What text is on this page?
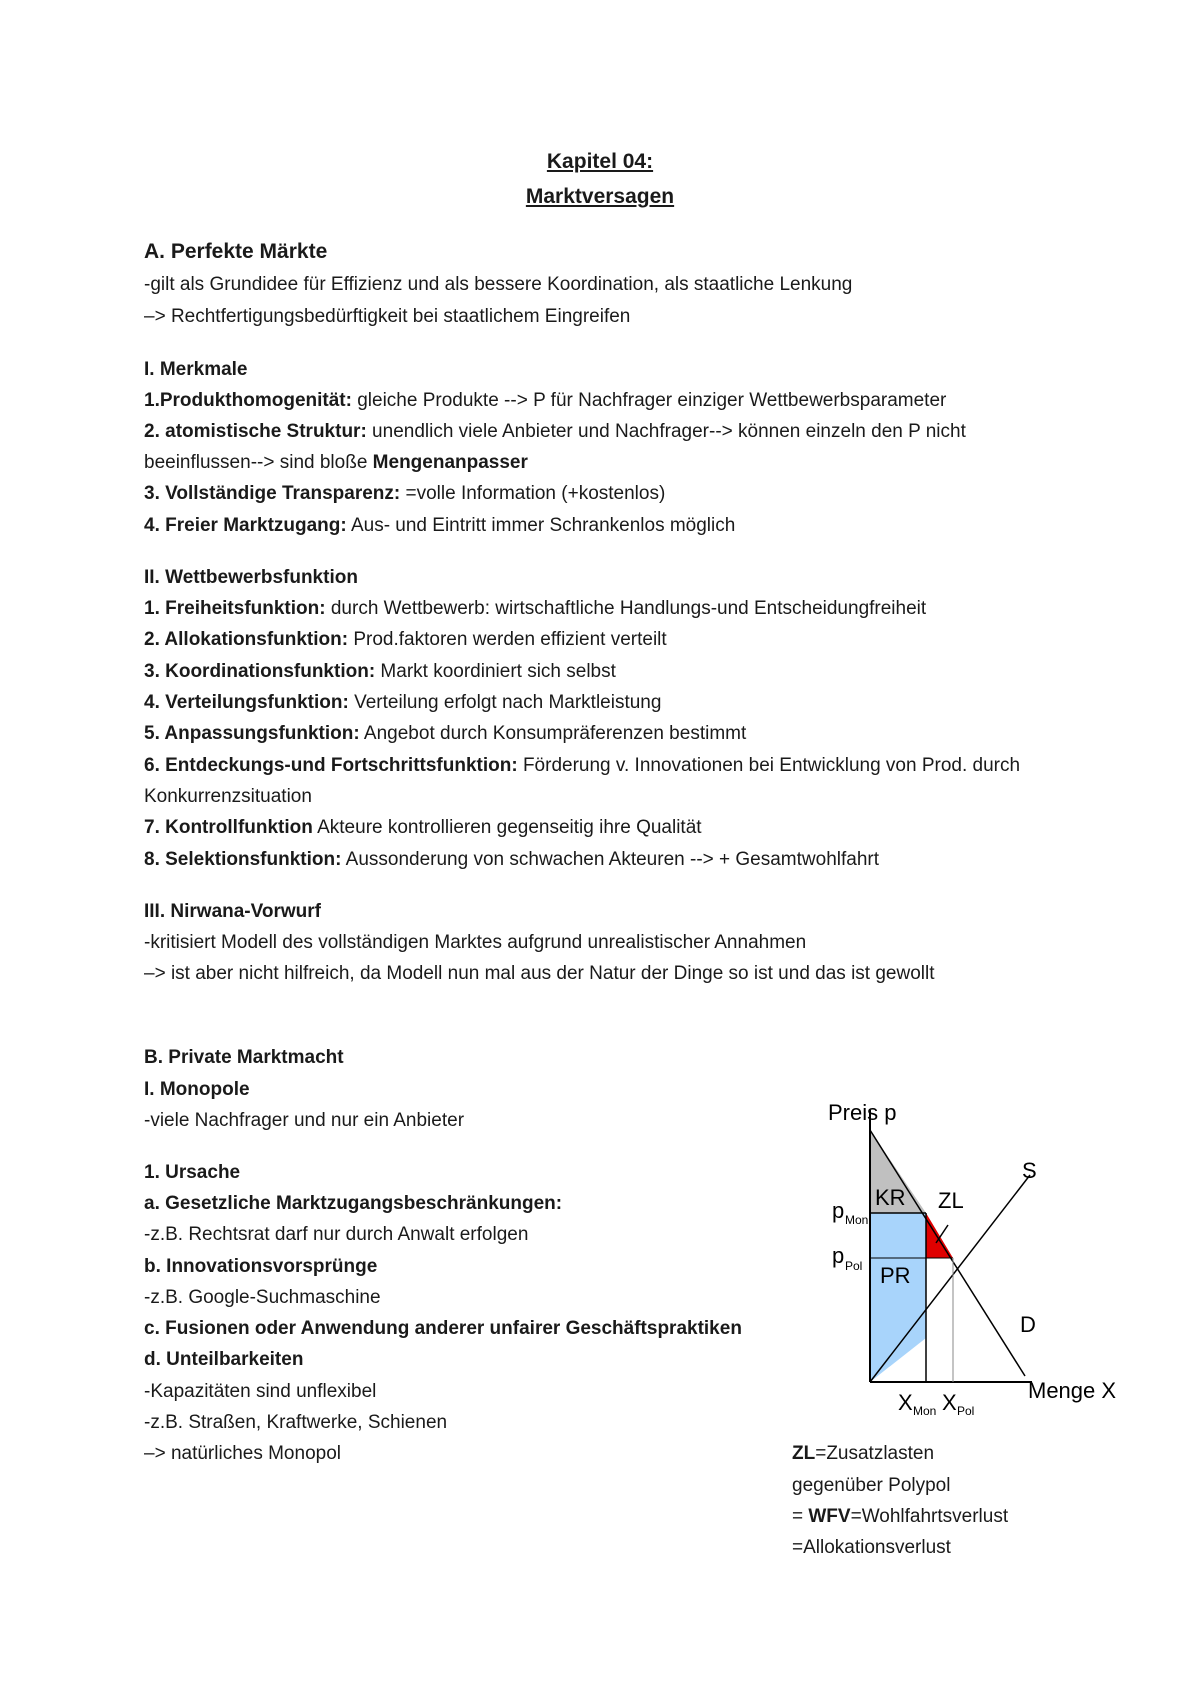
Kapitel 04:
Marktversagen
A. Perfekte Märkte
-gilt als Grundidee für Effizienz und als bessere Koordination, als staatliche Lenkung
–> Rechtfertigungsbedürftigkeit bei staatlichem Eingreifen
I. Merkmale
1.Produkthomogenität: gleiche Produkte --> P für Nachfrager einziger Wettbewerbsparameter
2. atomistische Struktur: unendlich viele Anbieter und Nachfrager--> können einzeln den P nicht
beeinflussen--> sind bloße Mengenanpasser
3. Vollständige Transparenz: =volle Information (+kostenlos)
4. Freier Marktzugang: Aus- und Eintritt immer Schrankenlos möglich
II. Wettbewerbsfunktion
1. Freiheitsfunktion: durch Wettbewerb: wirtschaftliche Handlungs-und Entscheidungfreiheit
2. Allokationsfunktion: Prod.faktoren werden effizient verteilt
3. Koordinationsfunktion: Markt koordiniert sich selbst
4. Verteilungsfunktion: Verteilung erfolgt nach Marktleistung
5. Anpassungsfunktion: Angebot durch Konsumpräferenzen bestimmt
6. Entdeckungs-und Fortschrittsfunktion: Förderung v. Innovationen bei Entwicklung von Prod. durch
Konkurrenzsituation
7. Kontrollfunktion Akteure kontrollieren gegenseitig ihre Qualität
8. Selektionsfunktion: Aussonderung von schwachen Akteuren --> + Gesamtwohlfahrt
III. Nirwana-Vorwurf
-kritisiert Modell des vollständigen Marktes aufgrund unrealistischer Annahmen
–> ist aber nicht hilfreich, da Modell nun mal aus der Natur der Dinge so ist und das ist gewollt
B. Private Marktmacht
I. Monopole
-viele Nachfrager und nur ein Anbieter
1. Ursache
a. Gesetzliche Marktzugangsbeschränkungen:
-z.B. Rechtsrat darf nur durch Anwalt erfolgen
b. Innovationsvorsprünge
-z.B. Google-Suchmaschine
c. Fusionen oder Anwendung anderer unfairer Geschäftspraktiken
d. Unteilbarkeiten
-Kapazitäten sind unflexibel
-z.B. Straßen, Kraftwerke, Schienen
–> natürliches Monopol
Preis p
Menge X
KR
PR
ZL
S
D
p Mon
p Pol
X Mon X Pol
ZL=Zusatzlasten
gegenüber Polypol
= WFV=Wohlfahrtsverlust
=Allokationsverlust
